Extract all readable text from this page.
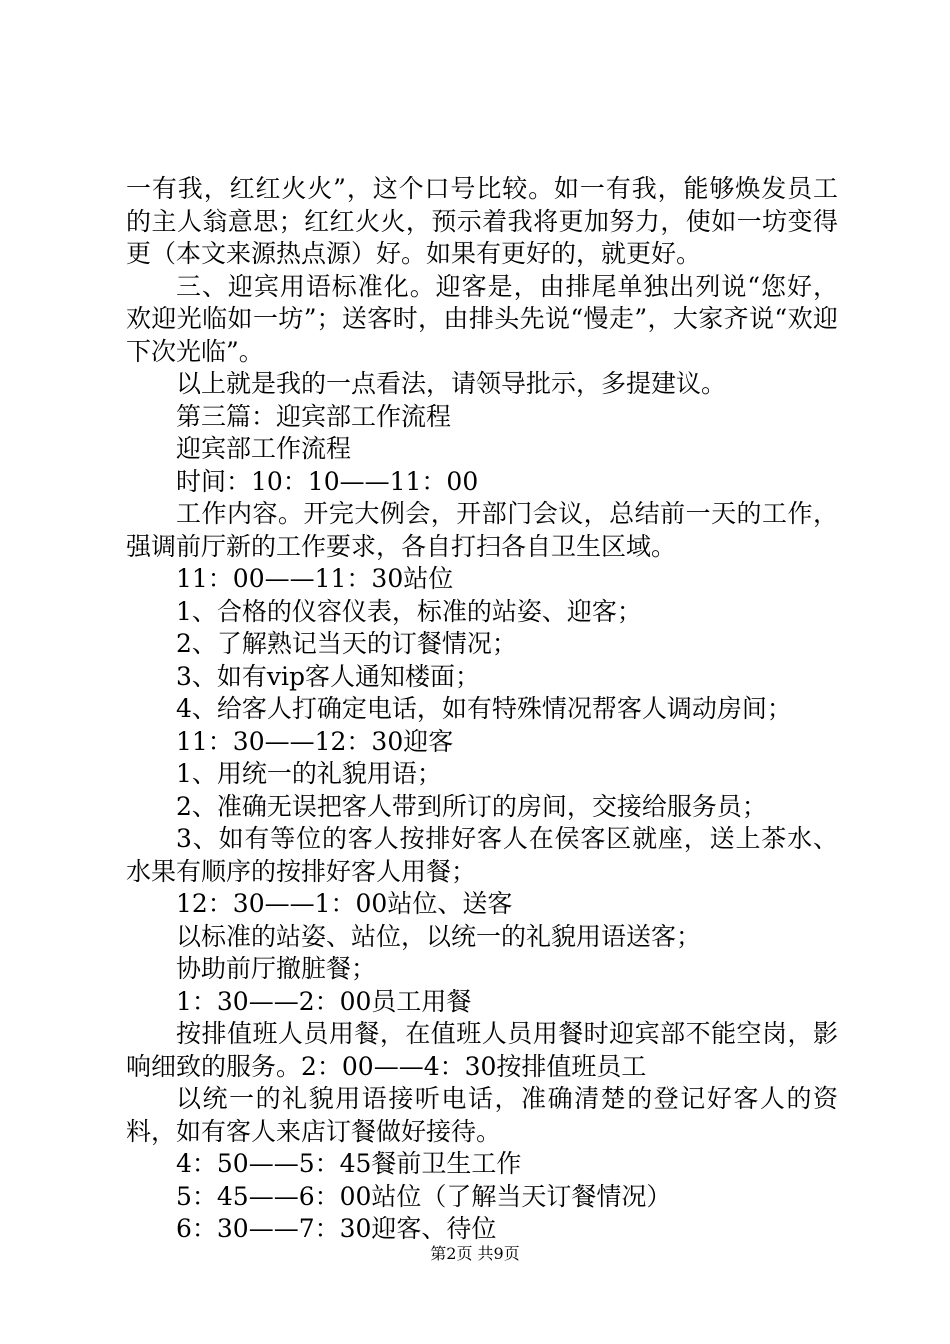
一有我，红红火火”，这个口号比较。如一有我，能够焕发员工的主人翁意思；红红火火，预示着我将更加努力，使如一坊变得更（本文来源热点源）好。如果有更好的，就更好。

三、迎宾用语标准化。迎客是，由排尾单独出列说“您好，欢迎光临如一坊”；送客时，由排头先说“慢走”，大家齐说“欢迎下次光临”。

以上就是我的一点看法，请领导批示，多提建议。

第三篇：迎宾部工作流程

迎宾部工作流程

时间：10：10——11：00

工作内容。开完大例会，开部门会议，总结前一天的工作，强调前厅新的工作要求，各自打扫各自卫生区域。

11：00——11：30站位

1、合格的仪容仪表，标准的站姿、迎客；

2、了解熟记当天的订餐情况；

3、如有vip客人通知楼面；

4、给客人打确定电话，如有特殊情况帮客人调动房间；

11：30——12：30迎客

1、用统一的礼貌用语；

2、准确无误把客人带到所订的房间，交接给服务员；

3、如有等位的客人按排好客人在侯客区就座，送上茶水、水果有顺序的按排好客人用餐；

12：30——1：00站位、送客

以标准的站姿、站位，以统一的礼貌用语送客；

协助前厅撤脏餐；

1：30——2：00员工用餐

按排值班人员用餐，在值班人员用餐时迎宾部不能空岗，影响细致的服务。2：00——4：30按排值班员工

以统一的礼貌用语接听电话，准确清楚的登记好客人的资料，如有客人来店订餐做好接待。

4：50——5：45餐前卫生工作

5：45——6：00站位（了解当天订餐情况）

6：30——7：30迎客、待位

第2页 共9页
